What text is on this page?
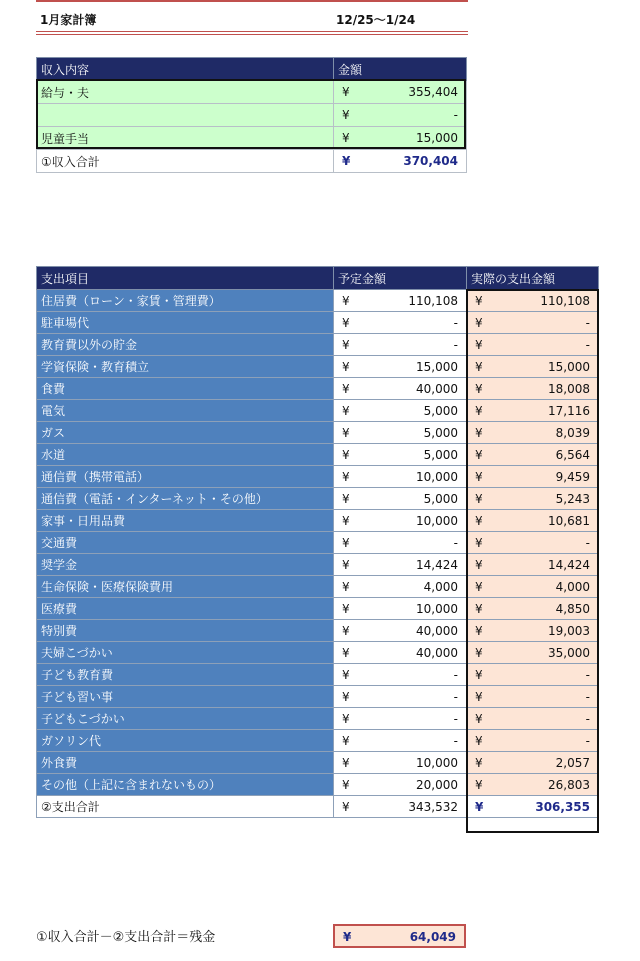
1月家計簿	12/25～1/24
収入内容	金額
給与・夫	¥ 355,404

	¥ -

児童手当	¥ 15,000

①収入合計	¥ 370,404
支出項目	予定金額	実際の支出金額
住居費（ローン・家賃・管理費）	¥ 110,108	¥ 110,108

駐車場代	¥ -	¥ -

教育費以外の貯金	¥ -	¥ -

学資保険・教育積立	¥ 15,000	¥ 15,000

食費	¥ 40,000	¥ 18,008

電気	¥ 5,000	¥ 17,116

ガス	¥ 5,000	¥ 8,039

水道	¥ 5,000	¥ 6,564

通信費（携帯電話）	¥ 10,000	¥ 9,459

通信費（電話・インターネット・その他）	¥ 5,000	¥ 5,243

家事・日用品費	¥ 10,000	¥ 10,681

交通費	¥ -	¥ -

奨学金	¥ 14,424	¥ 14,424

生命保険・医療保険費用	¥ 4,000	¥ 4,000

医療費	¥ 10,000	¥ 4,850

特別費	¥ 40,000	¥ 19,003

夫婦こづかい	¥ 40,000	¥ 35,000

子ども教育費	¥ -	¥ -

子ども習い事	¥ -	¥ -

子どもこづかい	¥ -	¥ -

ガソリン代	¥ -	¥ -

外食費	¥ 10,000	¥ 2,057

その他（上記に含まれないもの）	¥ 20,000	¥ 26,803

②支出合計	¥ 343,532	¥ 306,355
①収入合計－②支出合計＝残金	¥	64,049
